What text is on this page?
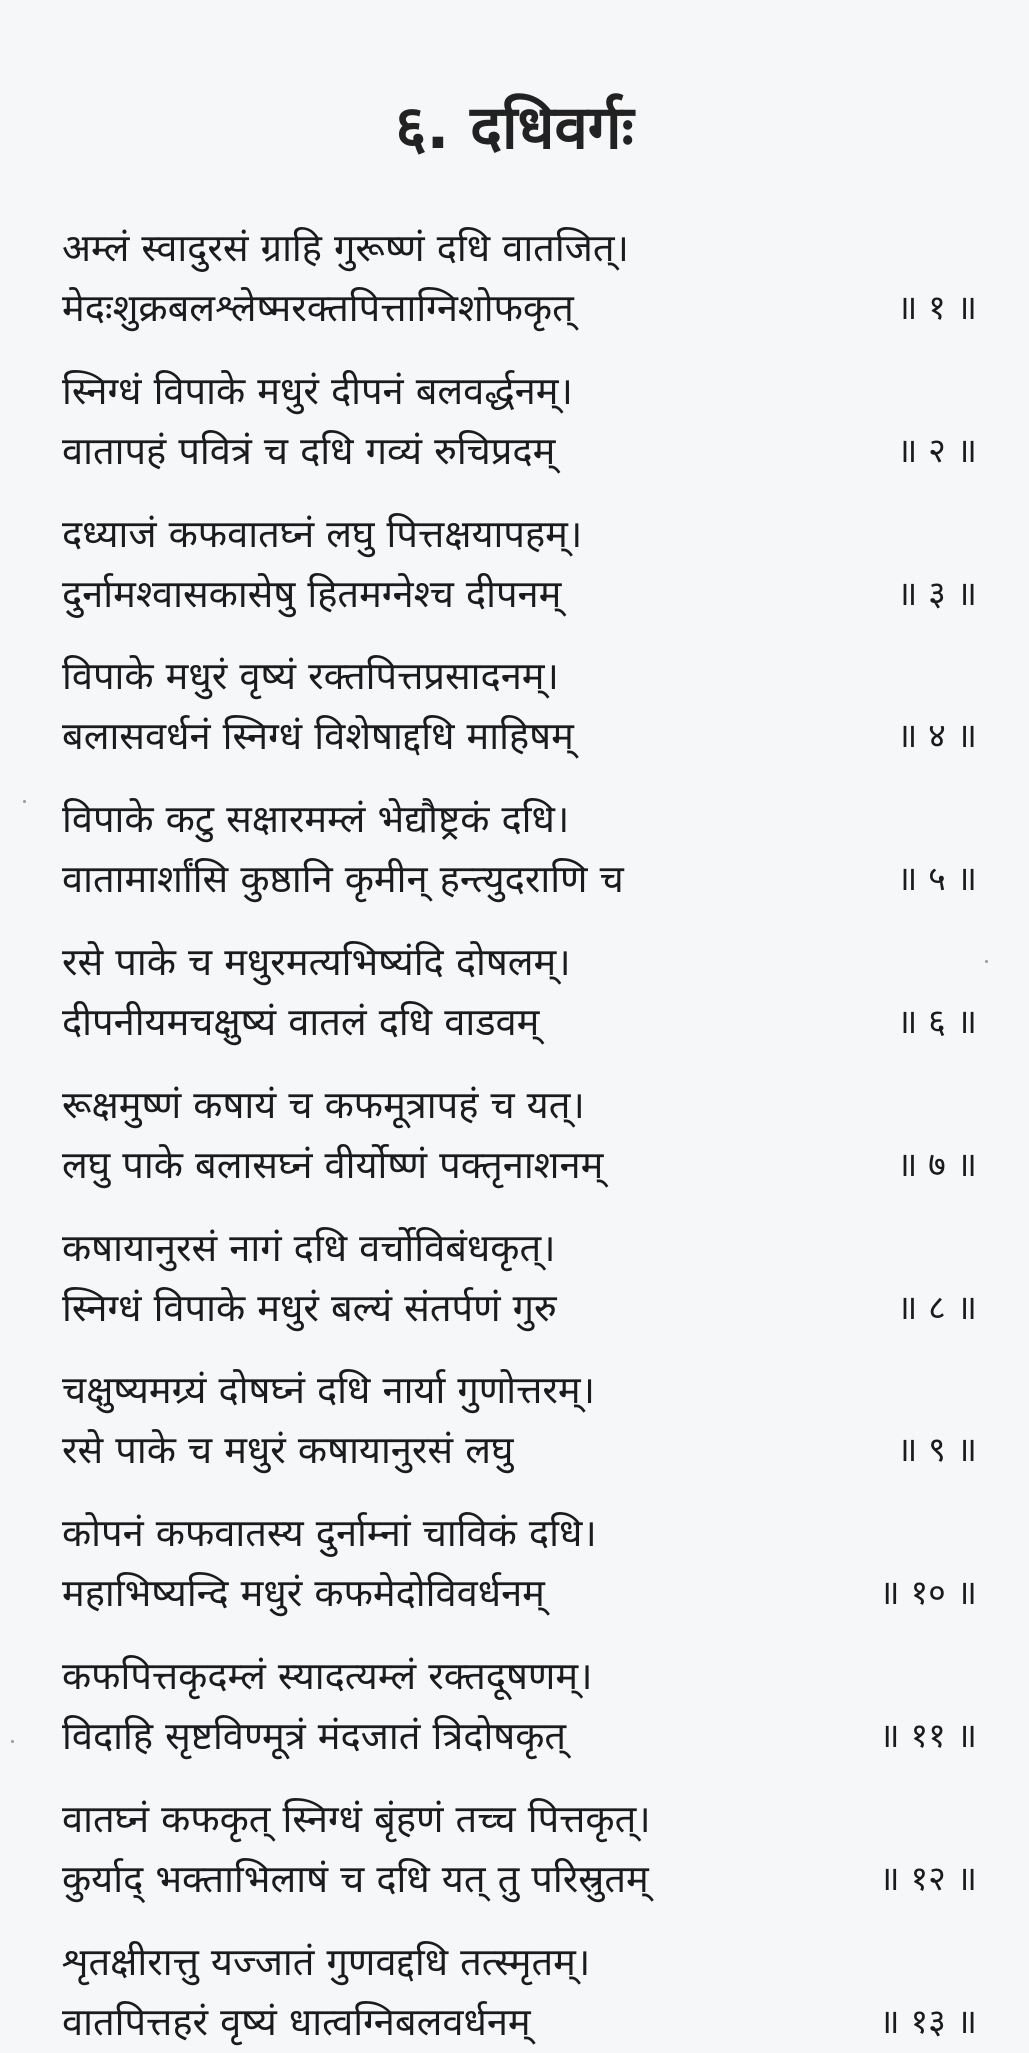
६. दधिवर्गः
अम्लं स्वादुरसं ग्राहि गुरूष्णं दधि वातजित्।
मेदःशुक्रबलश्लेष्मरक्तपित्ताग्निशोफकृत्	॥ १ ॥
स्निग्धं विपाके मधुरं दीपनं बलवर्द्धनम्।
वातापहं पवित्रं च दधि गव्यं रुचिप्रदम्	॥ २ ॥
दध्याजं कफवातघ्नं लघु पित्तक्षयापहम्।
दुर्नामश्वासकासेषु हितमग्नेश्च दीपनम्	॥ ३ ॥
विपाके मधुरं वृष्यं रक्तपित्तप्रसादनम्।
बलासवर्धनं स्निग्धं विशेषाद्दधि माहिषम्	॥ ४ ॥
विपाके कटु सक्षारमम्लं भेद्यौष्ट्रकं दधि।
वातामार्शांसि कुष्ठानि कृमीन् हन्त्युदराणि च	॥ ५ ॥
रसे पाके च मधुरमत्यभिष्यंदि दोषलम्।
दीपनीयमचक्षुष्यं वातलं दधि वाडवम्	॥ ६ ॥
रूक्षमुष्णं कषायं च कफमूत्रापहं च यत्।
लघु पाके बलासघ्नं वीर्योष्णं पक्तृनाशनम्	॥ ७ ॥
कषायानुरसं नागं दधि वर्चोविबंधकृत्।
स्निग्धं विपाके मधुरं बल्यं संतर्पणं गुरु	॥ ८ ॥
चक्षुष्यमग्र्यं दोषघ्नं दधि नार्या गुणोत्तरम्।
रसे पाके च मधुरं कषायानुरसं लघु	॥ ९ ॥
कोपनं कफवातस्य दुर्नाम्नां चाविकं दधि।
महाभिष्यन्दि मधुरं कफमेदोविवर्धनम्	॥ १० ॥
कफपित्तकृदम्लं स्यादत्यम्लं रक्तदूषणम्।
विदाहि सृष्टविण्मूत्रं मंदजातं त्रिदोषकृत्	॥ ११ ॥
वातघ्नं कफकृत् स्निग्धं बृंहणं तच्च पित्तकृत्।
कुर्याद् भक्ताभिलाषं च दधि यत् तु परिस्रुतम्	॥ १२ ॥
शृतक्षीरात्तु यज्जातं गुणवद्दधि तत्स्मृतम्।
वातपित्तहरं वृष्यं धात्वग्निबलवर्धनम्	॥ १३ ॥
